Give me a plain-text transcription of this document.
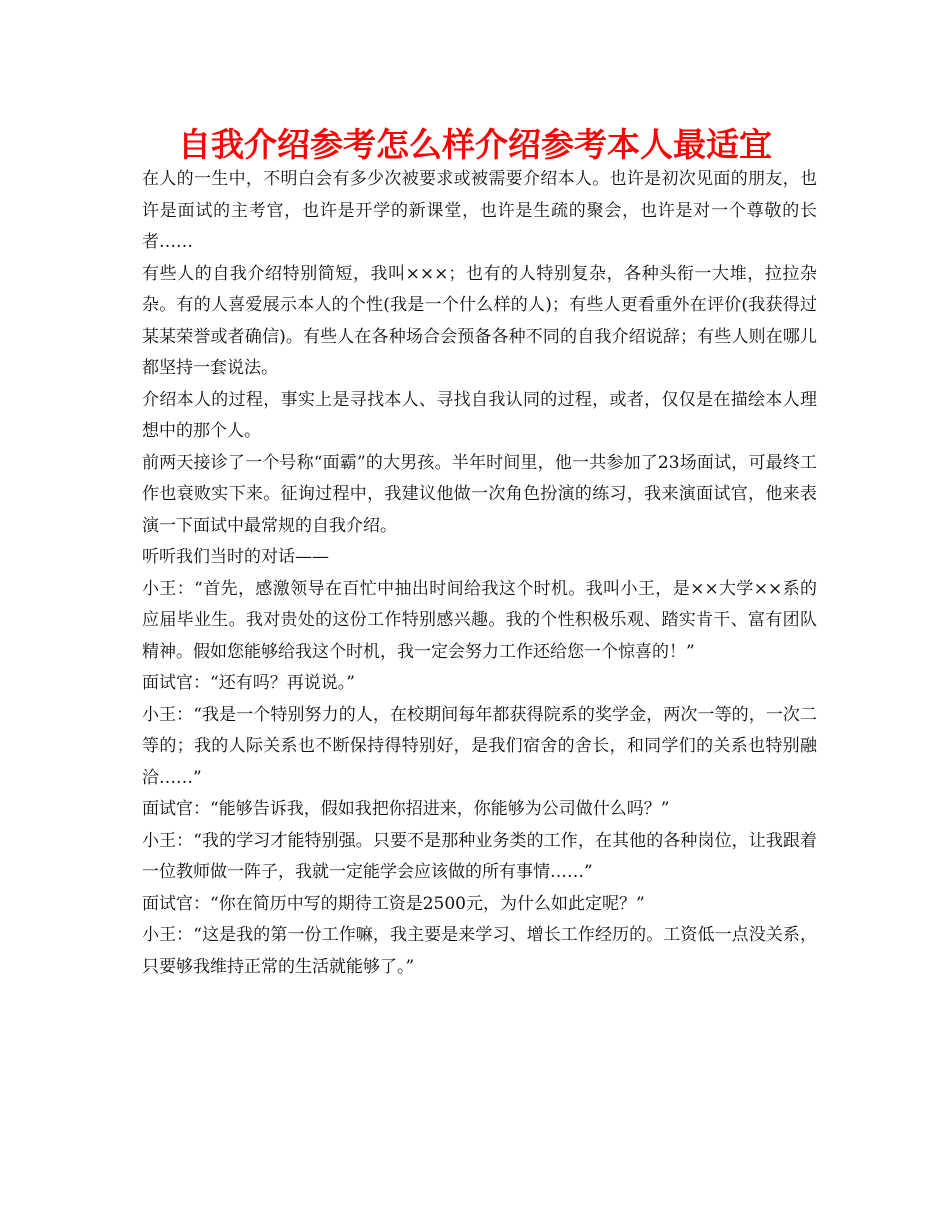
自我介绍参考怎么样介绍参考本人最适宜

在人的一生中，不明白会有多少次被要求或被需要介绍本人。也许是初次见面的朋友，也许是面试的主考官，也许是开学的新课堂，也许是生疏的聚会，也许是对一个尊敬的长者……

有些人的自我介绍特别简短，我叫×××；也有的人特别复杂，各种头衔一大堆，拉拉杂杂。有的人喜爱展示本人的个性(我是一个什么样的人)；有些人更看重外在评价(我获得过某某荣誉或者确信)。有些人在各种场合会预备各种不同的自我介绍说辞；有些人则在哪儿都坚持一套说法。

介绍本人的过程，事实上是寻找本人、寻找自我认同的过程，或者，仅仅是在描绘本人理想中的那个人。

前两天接诊了一个号称“面霸”的大男孩。半年时间里，他一共参加了23场面试，可最终工作也衰败实下来。征询过程中，我建议他做一次角色扮演的练习，我来演面试官，他来表演一下面试中最常规的自我介绍。

听听我们当时的对话——

小王：“首先，感激领导在百忙中抽出时间给我这个时机。我叫小王，是××大学××系的应届毕业生。我对贵处的这份工作特别感兴趣。我的个性积极乐观、踏实肯干、富有团队精神。假如您能够给我这个时机，我一定会努力工作还给您一个惊喜的！”

面试官：“还有吗？再说说。”

小王：“我是一个特别努力的人，在校期间每年都获得院系的奖学金，两次一等的，一次二等的；我的人际关系也不断保持得特别好，是我们宿舍的舍长，和同学们的关系也特别融洽……”

面试官：“能够告诉我，假如我把你招进来，你能够为公司做什么吗？”

小王：“我的学习才能特别强。只要不是那种业务类的工作，在其他的各种岗位，让我跟着一位教师做一阵子，我就一定能学会应该做的所有事情……”

面试官：“你在简历中写的期待工资是2500元，为什么如此定呢？”

小王：“这是我的第一份工作嘛，我主要是来学习、增长工作经历的。工资低一点没关系，只要够我维持正常的生活就能够了。”
